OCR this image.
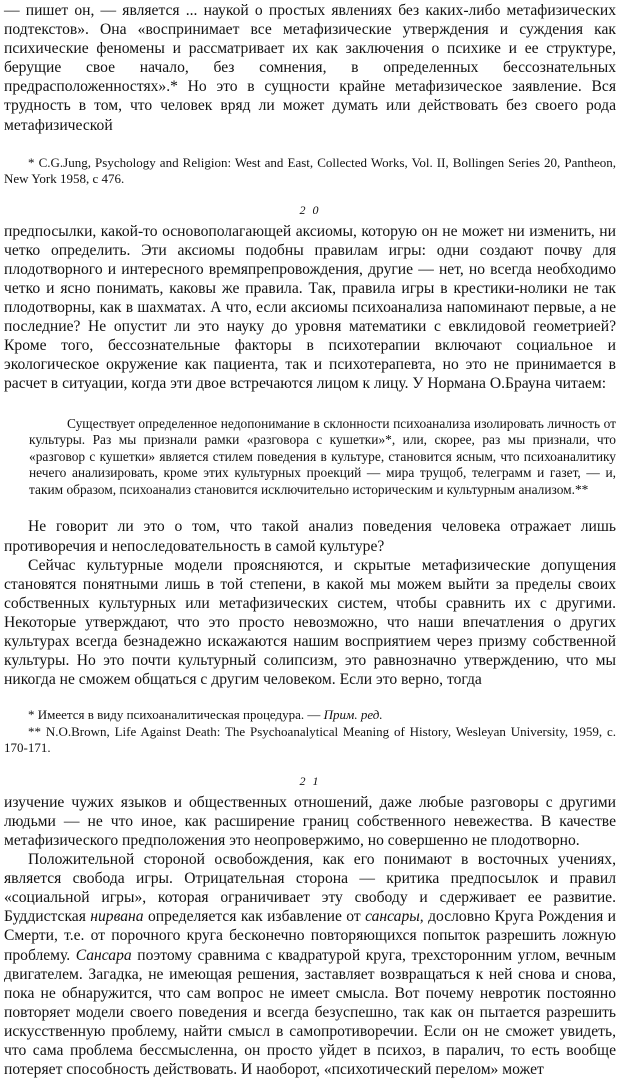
— пишет он, — является ... наукой о простых явлениях без каких-либо метафизических подтекстов». Она «воспринимает все метафизические утверждения и суждения как психические феномены и рассматривает их как заключения о психике и ее структуре, берущие свое начало, без сомнения, в определенных бессознательных предрасположенностях».* Но это в сущности крайне метафизическое заявление. Вся трудность в том, что человек вряд ли может думать или действовать без своего рода метафизической

* C.G.Jung, Psychology and Religion: West and East, Collected Works, Vol. II, Bollingen Series 20, Pantheon, New York 1958, с 476.

2 0

предпосылки, какой-то основополагающей аксиомы, которую он не может ни изменить, ни четко определить. Эти аксиомы подобны правилам игры: одни создают почву для плодотворного и интересного времяпрепровождения, другие — нет, но всегда необходимо четко и ясно понимать, каковы же правила. Так, правила игры в крестики-нолики не так плодотворны, как в шахматах. А что, если аксиомы психоанализа напоминают первые, а не последние? Не опустит ли это науку до уровня математики с евклидовой геометрией? Кроме того, бессознательные факторы в психотерапии включают социальное и экологическое окружение как пациента, так и психотерапевта, но это не принимается в расчет в ситуации, когда эти двое встречаются лицом к лицу. У Нормана О.Брауна читаем:

Существует определенное недопонимание в склонности психоанализа изолировать личность от культуры. Раз мы признали рамки «разговора с кушетки»*, или, скорее, раз мы признали, что «разговор с кушетки» является стилем поведения в культуре, становится ясным, что психоаналитику нечего анализировать, кроме этих культурных проекций — мира трущоб, телеграмм и газет, — и, таким образом, психоанализ становится исключительно историческим и культурным анализом.**

Не говорит ли это о том, что такой анализ поведения человека отражает лишь противоречия и непоследовательность в самой культуре?

Сейчас культурные модели проясняются, и скрытые метафизические допущения становятся понятными лишь в той степени, в какой мы можем выйти за пределы своих собственных культурных или метафизических систем, чтобы сравнить их с другими. Некоторые утверждают, что это просто невозможно, что наши впечатления о других культурах всегда безнадежно искажаются нашим восприятием через призму собственной культуры. Но это почти культурный солипсизм, это равнозначно утверждению, что мы никогда не сможем общаться с другим человеком. Если это верно, тогда

* Имеется в виду психоаналитическая процедура. — Прим. ред.

** N.O.Brown, Life Against Death: The Psychoanalytical Meaning of History, Wesleyan University, 1959, с. 170-171.

2 1

изучение чужих языков и общественных отношений, даже любые разговоры с другими людьми — не что иное, как расширение границ собственного невежества. В качестве метафизического предположения это неопровержимо, но совершенно не плодотворно.

Положительной стороной освобождения, как его понимают в восточных учениях, является свобода игры. Отрицательная сторона — критика предпосылок и правил «социальной игры», которая ограничивает эту свободу и сдерживает ее развитие. Буддистская нирвана определяется как избавление от сансары, дословно Круга Рождения и Смерти, т.е. от порочного круга бесконечно повторяющихся попыток разрешить ложную проблему. Сансара поэтому сравнима с квадратурой круга, трехсторонним углом, вечным двигателем. Загадка, не имеющая решения, заставляет возвращаться к ней снова и снова, пока не обнаружится, что сам вопрос не имеет смысла. Вот почему невротик постоянно повторяет модели своего поведения и всегда безуспешно, так как он пытается разрешить искусственную проблему, найти смысл в самопротиворечии. Если он не сможет увидеть, что сама проблема бессмысленна, он просто уйдет в психоз, в паралич, то есть вообще потеряет способность действовать. И наоборот, «психотический перелом» может
